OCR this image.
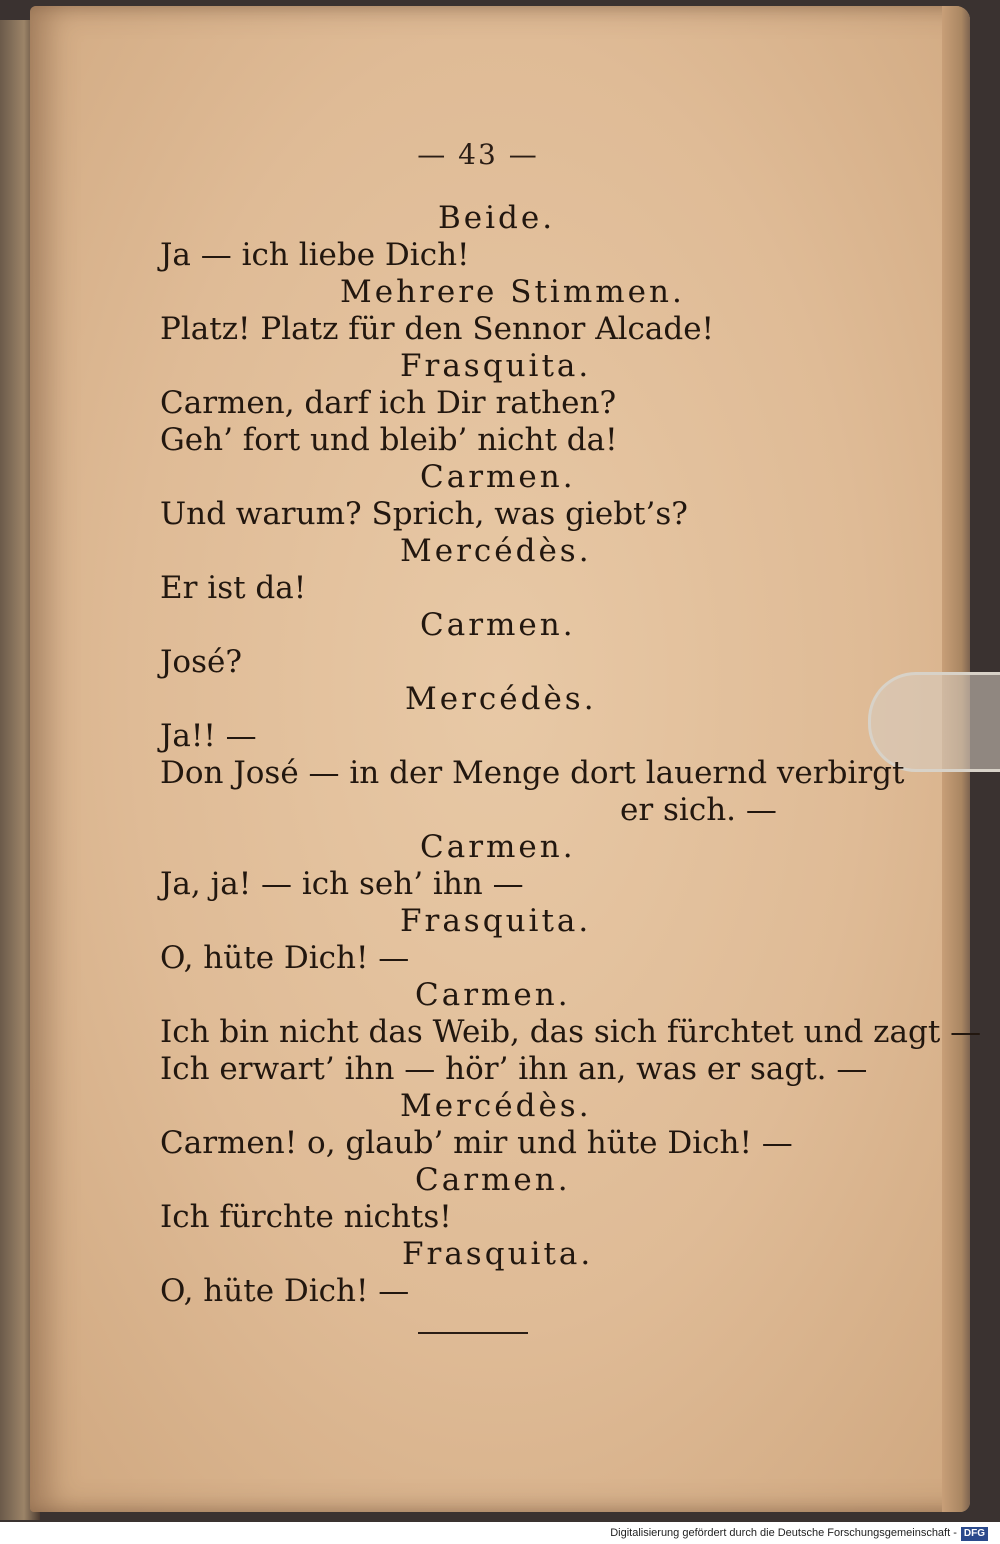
— 43 —
Beide.
Ja — ich liebe Dich!
Mehrere Stimmen.
Platz! Platz für den Sennor Alcade!
Frasquita.
Carmen, darf ich Dir rathen?
Geh’ fort und bleib’ nicht da!
Carmen.
Und warum? Sprich, was giebt’s?
Mercédès.
Er ist da!
Carmen.
José?
Mercédès.
Ja!! —
Don José — in der Menge dort lauernd verbirgt
er sich. —
Carmen.
Ja, ja! — ich seh’ ihn —
Frasquita.
O, hüte Dich! —
Carmen.
Ich bin nicht das Weib, das sich fürchtet und zagt —
Ich erwart’ ihn — hör’ ihn an, was er sagt. —
Mercédès.
Carmen! o, glaub’ mir und hüte Dich! —
Carmen.
Ich fürchte nichts!
Frasquita.
O, hüte Dich! —
Digitalisierung gefördert durch die Deutsche Forschungsgemeinschaft - DFG
